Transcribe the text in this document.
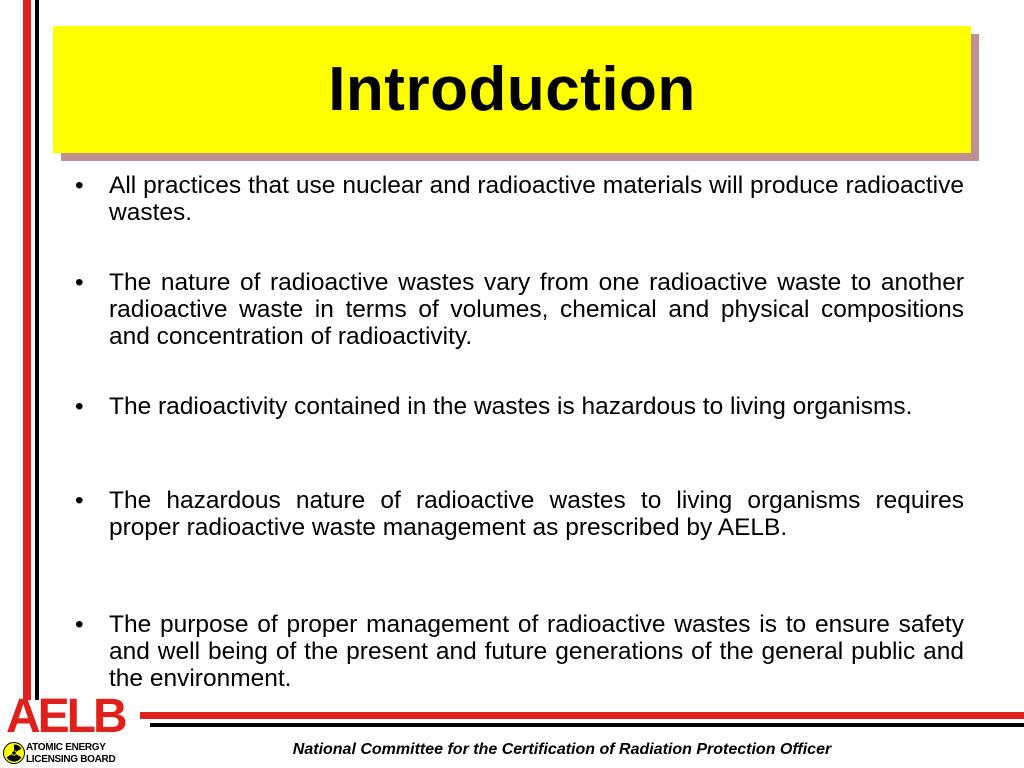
Introduction
•	All practices that use nuclear and radioactive materials will produce radioactive wastes.
•	The nature of radioactive wastes vary from one radioactive waste to another radioactive waste in terms of volumes, chemical and physical compositions and concentration of radioactivity.
•	The radioactivity contained in the wastes is hazardous to living organisms.
•	The hazardous nature of radioactive wastes to living organisms requires proper radioactive waste management as prescribed by AELB.
•	The purpose of proper management of radioactive wastes is to ensure safety and well being of the present and future generations of the general public and the environment.
AELB
ATOMIC ENERGY
LICENSING BOARD
National Committee for the Certification of Radiation Protection Officer
